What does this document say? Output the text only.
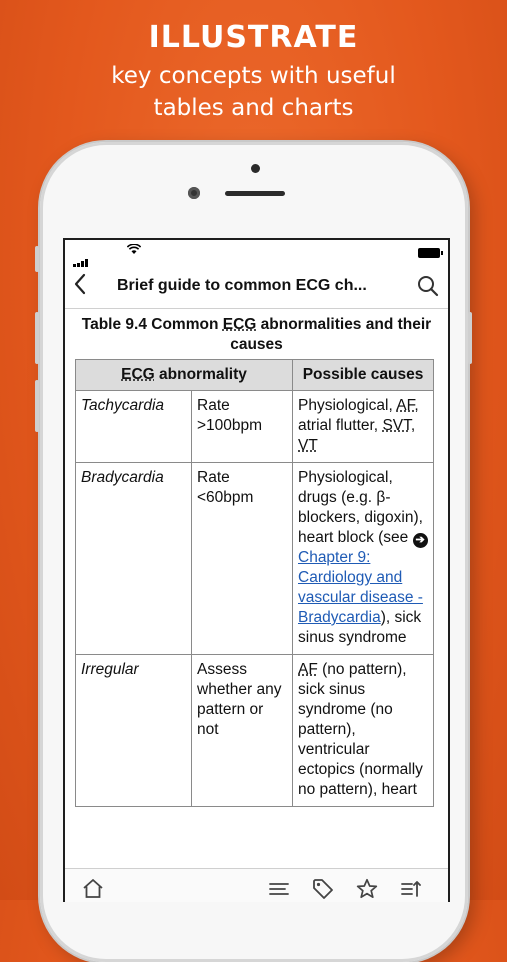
ILLUSTRATE
key concepts with useful
tables and charts
Brief guide to common ECG ch...
Table 9.4 Common ECG abnormalities and their causes
ECG abnormality		Possible causes
Tachycardia	Rate >100bpm	Physiological, AF, atrial flutter, SVT, VT
Bradycardia	Rate <60bpm	Physiological, drugs (e.g. β-blockers, digoxin), heart block (see ➔ Chapter 9: Cardiology and vascular disease - Bradycardia), sick sinus syndrome
Irregular	Assess whether any pattern or not	AF (no pattern), sick sinus syndrome (no pattern), ventricular ectopics (normally no pattern), heart
